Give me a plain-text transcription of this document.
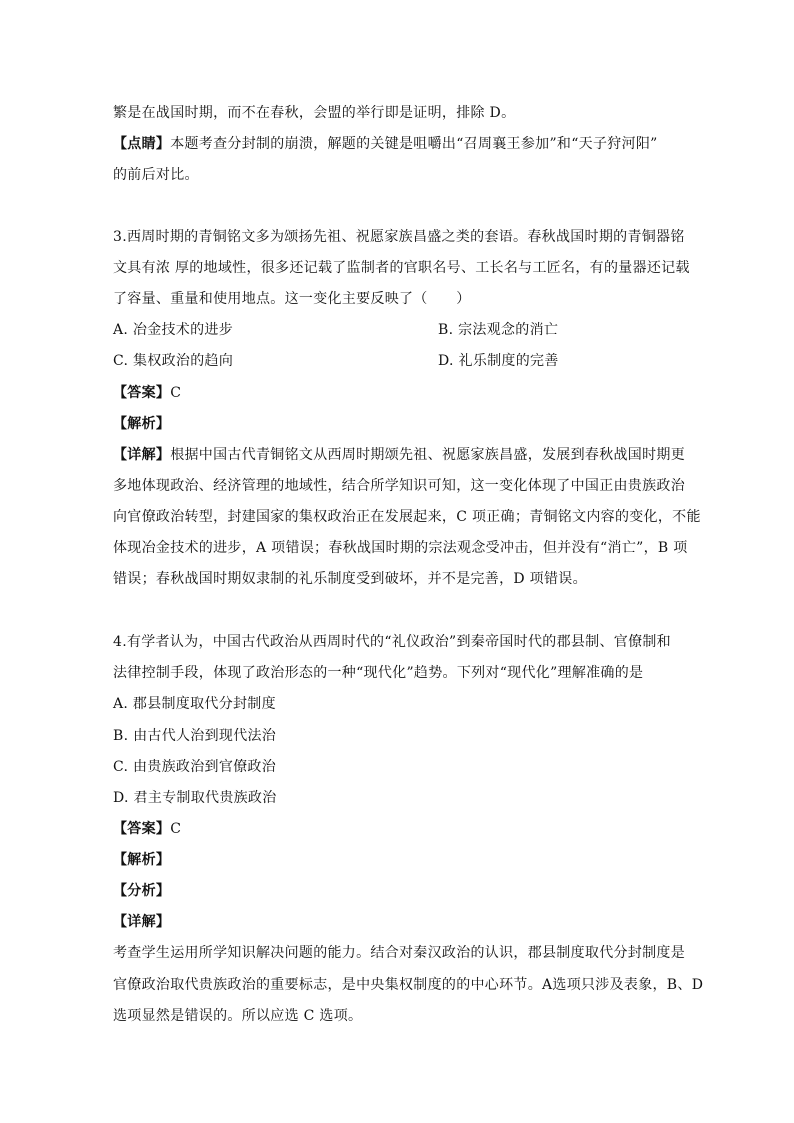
繁是在战国时期，而不在春秋，会盟的举行即是证明，排除 D。
【点睛】本题考查分封制的崩溃，解题的关键是咀嚼出“召周襄王参加”和“天子狩河阳”
的前后对比。
3.西周时期的青铜铭文多为颂扬先祖、祝愿家族昌盛之类的套语。春秋战国时期的青铜器铭
文具有浓 厚的地域性，很多还记载了监制者的官职名号、工长名与工匠名，有的量器还记载
了容量、重量和使用地点。这一变化主要反映了（　　）
A. 冶金技术的进步	B. 宗法观念的消亡
C. 集权政治的趋向	D. 礼乐制度的完善
【答案】C
【解析】
【详解】根据中国古代青铜铭文从西周时期颂先祖、祝愿家族昌盛，发展到春秋战国时期更
多地体现政治、经济管理的地域性，结合所学知识可知，这一变化体现了中国正由贵族政治
向官僚政治转型，封建国家的集权政治正在发展起来，C 项正确；青铜铭文内容的变化，不能
体现冶金技术的进步，A 项错误；春秋战国时期的宗法观念受冲击，但并没有“消亡”，B 项
错误；春秋战国时期奴隶制的礼乐制度受到破坏，并不是完善，D 项错误。
4.有学者认为，中国古代政治从西周时代的“礼仪政治”到秦帝国时代的郡县制、官僚制和
法律控制手段，体现了政治形态的一种“现代化”趋势。下列对“现代化”理解准确的是
A. 郡县制度取代分封制度
B. 由古代人治到现代法治
C. 由贵族政治到官僚政治
D. 君主专制取代贵族政治
【答案】C
【解析】
【分析】
【详解】
考查学生运用所学知识解决问题的能力。结合对秦汉政治的认识，郡县制度取代分封制度是
官僚政治取代贵族政治的重要标志，是中央集权制度的的中心环节。A选项只涉及表象，B、D
选项显然是错误的。所以应选 C 选项。
